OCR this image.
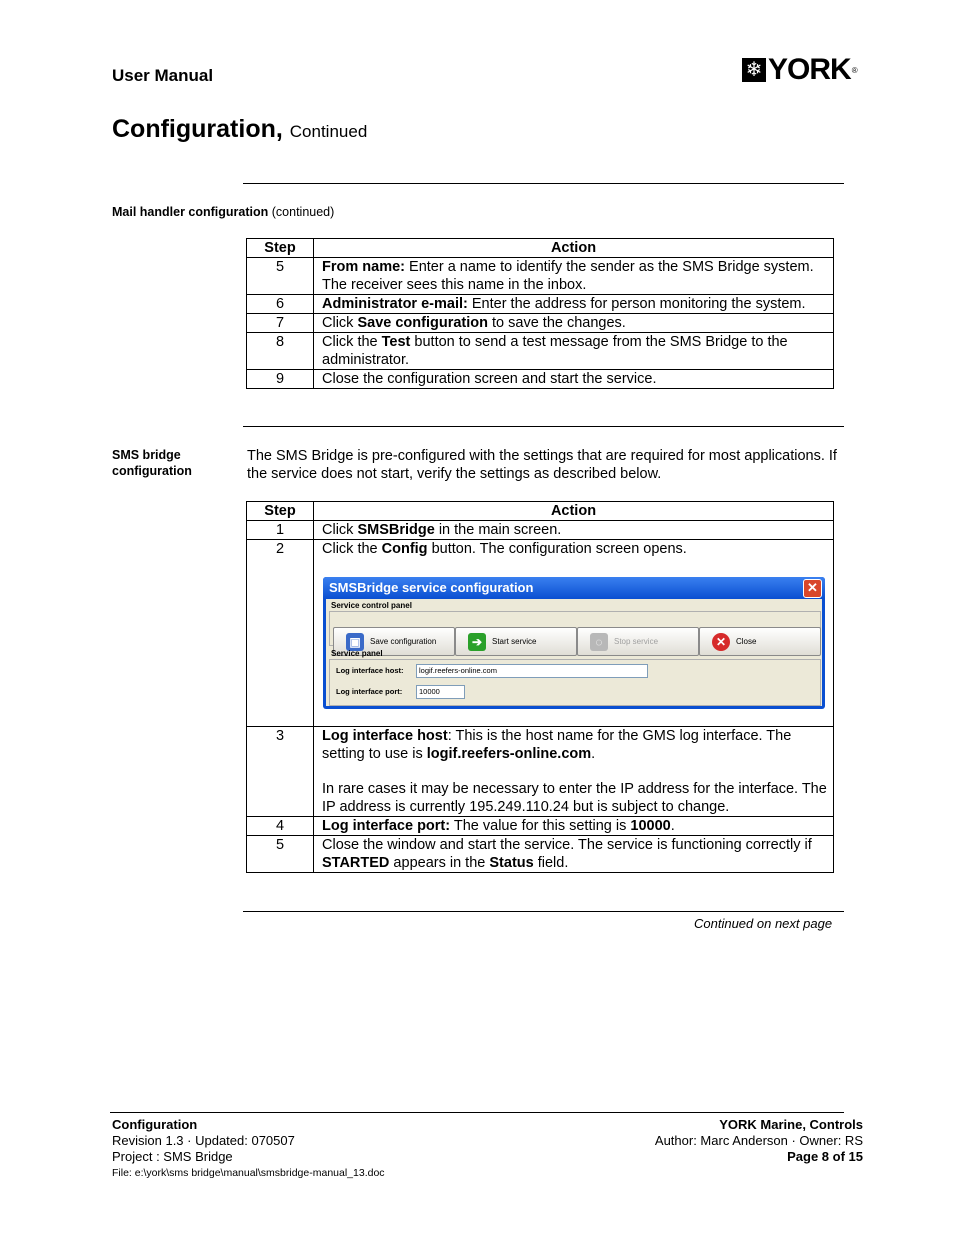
User Manual	❄ YORK ®
Configuration, Continued
Mail handler configuration (continued)
Step	Action
5	From name: Enter a name to identify the sender as the SMS Bridge system. The receiver sees this name in the inbox.
6	Administrator e-mail: Enter the address for person monitoring the system.
7	Click Save configuration to save the changes.
8	Click the Test button to send a test message from the SMS Bridge to the administrator.
9	Close the configuration screen and start the service.
SMS bridge
configuration
The SMS Bridge is pre-configured with the settings that are required for most applications. If the service does not start, verify the settings as described below.
Step	Action
1	Click SMSBridge in the main screen.
2	Click the Config button. The configuration screen opens.
3	Log interface host: This is the host name for the GMS log interface. The setting to use is logif.reefers-online.com.
In rare cases it may be necessary to enter the IP address for the interface. The IP address is currently 195.249.110.24 but is subject to change.

4	Log interface port: The value for this setting is 10000.
5	Close the window and start the service. The service is functioning correctly if STARTED appears in the Status field.
SMSBridge service configuration	✕
Service control panel
▣	Save configuration	➔	Start service	◌	Stop service	✕	Close
Service panel
Log interface host:	logif.reefers-online.com
Log interface port:	10000
Continued on next page
Configuration
Revision 1.3 · Updated: 070507
Project : SMS Bridge
File: e:\york\sms bridge\manual\smsbridge-manual_13.doc
YORK Marine, Controls
Author: Marc Anderson · Owner: RS
Page 8 of 15
